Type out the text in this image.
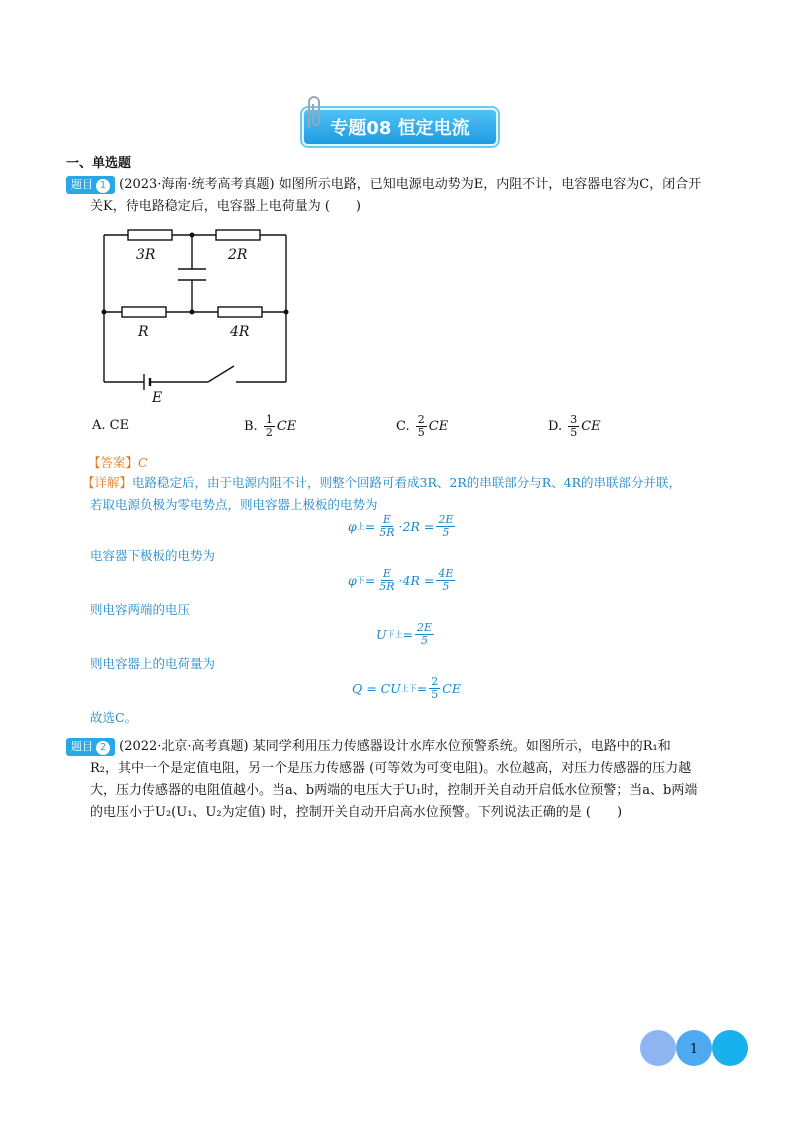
专题08 恒定电流
一、单选题
题目 1 (2023·海南·统考高考真题) 如图所示电路，已知电源电动势为E，内阻不计，电容器电容为C，闭合开
关K，待电路稳定后，电容器上电荷量为 (　　)
3R	2R
R	4R
E
A. CE	B.
$\frac{1}{2}$ CE	C.
$\frac{2}{5}$ CE	D.
$\frac{3}{5}$ CE
【答案】C
【详解】电路稳定后，由于电源内阻不计，则整个回路可看成3R、2R的串联部分与R、4R的串联部分并联，
若取电源负极为零电势点，则电容器上极板的电势为
φ 上 = $\frac{E}{5R} \cdot 2R = \frac{2E}{5}$
电容器下极板的电势为
φ 下 = $\frac{E}{5R} \cdot 4R = \frac{4E}{5}$
则电容两端的电压
U 下上 = $\frac{2E}{5}$
则电容器上的电荷量为
Q = CU 上下 = $\frac{2}{5}$ CE
故选C。
题目 2 (2022·北京·高考真题) 某同学利用压力传感器设计水库水位预警系统。如图所示，电路中的R₁和
R₂，其中一个是定值电阻，另一个是压力传感器 (可等效为可变电阻)。水位越高，对压力传感器的压力越
大，压力传感器的电阻值越小。当a、b两端的电压大于U₁时，控制开关自动开启低水位预警；当a、b两端
的电压小于U₂(U₁、U₂为定值) 时，控制开关自动开启高水位预警。下列说法正确的是 (　　)
1
